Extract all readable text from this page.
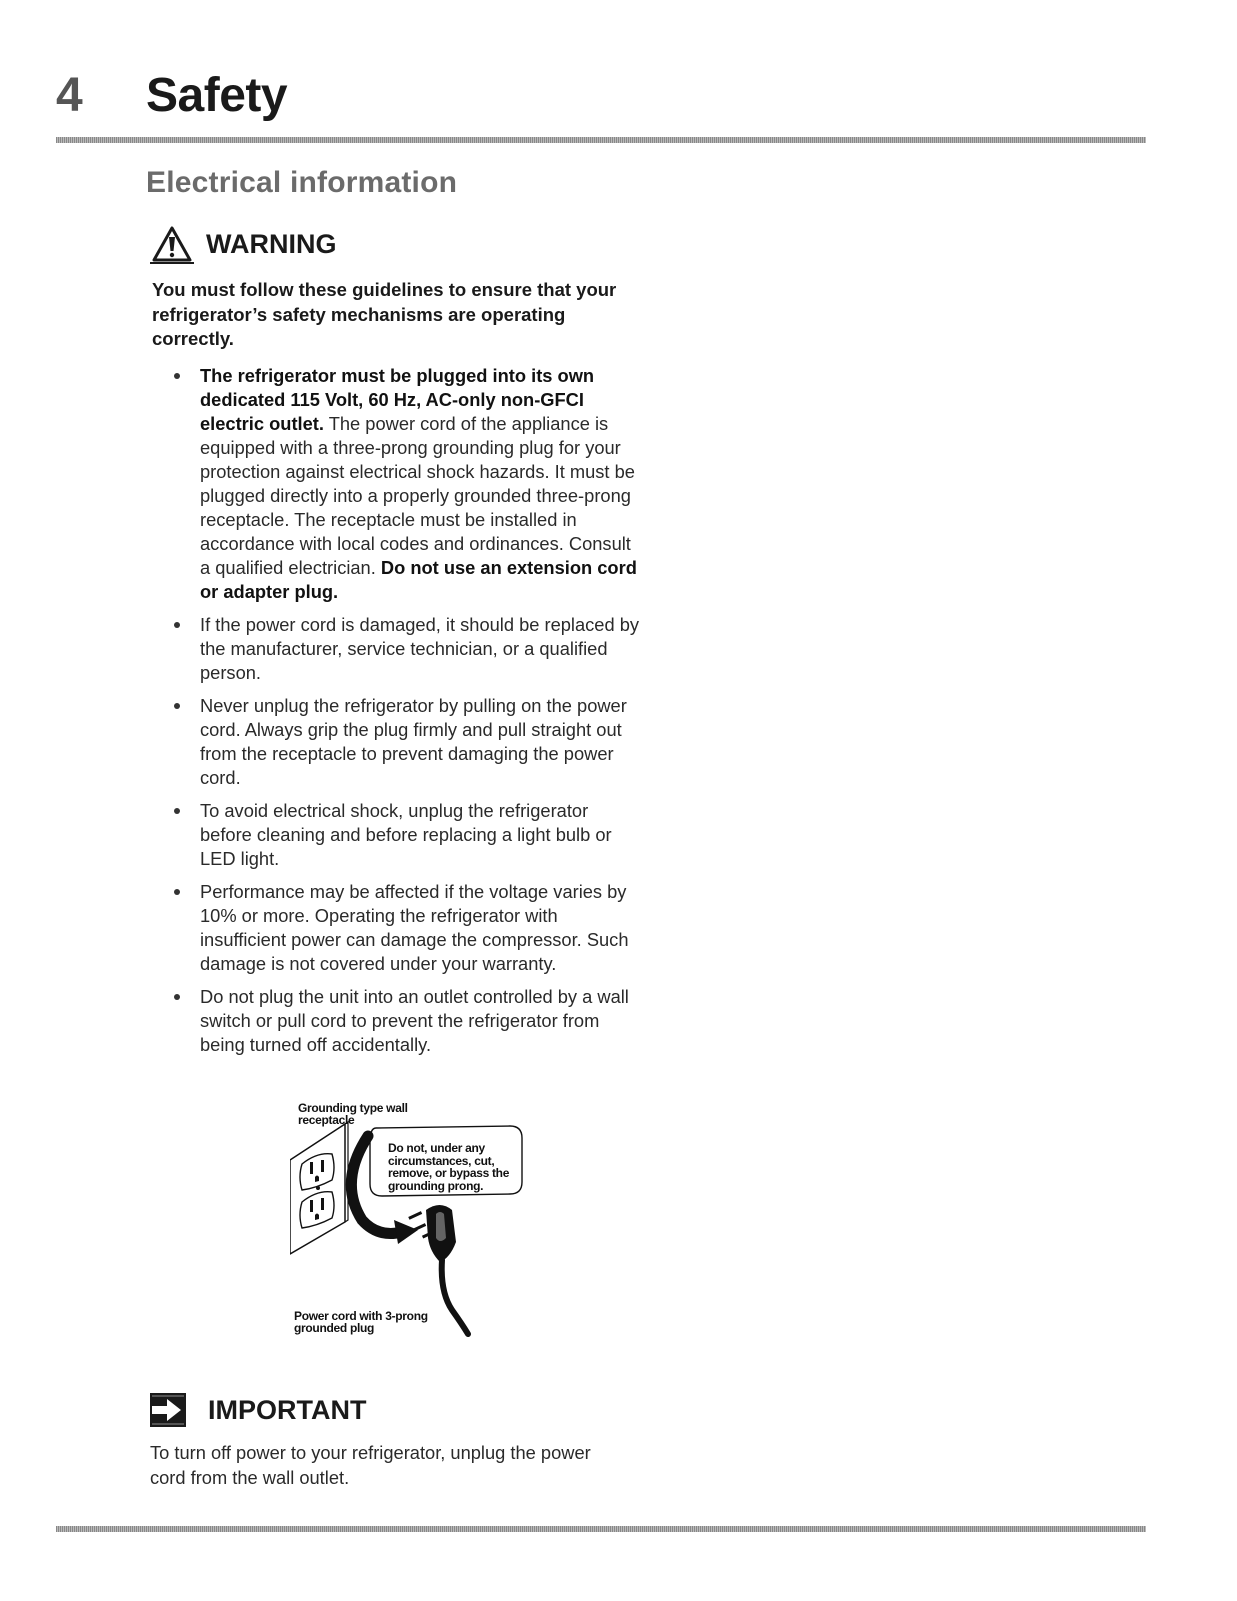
4 Safety
Electrical information
WARNING
You must follow these guidelines to ensure that your refrigerator’s safety mechanisms are operating correctly.
The refrigerator must be plugged into its own dedicated 115 Volt, 60 Hz, AC-only non-GFCI electric outlet. The power cord of the appliance is equipped with a three-prong grounding plug for your protection against electrical shock hazards. It must be plugged directly into a properly grounded three-prong receptacle. The receptacle must be installed in accordance with local codes and ordinances. Consult a qualified electrician. Do not use an extension cord or adapter plug.
If the power cord is damaged, it should be replaced by the manufacturer, service technician, or a qualified person.
Never unplug the refrigerator by pulling on the power cord. Always grip the plug firmly and pull straight out from the receptacle to prevent damaging the power cord.
To avoid electrical shock, unplug the refrigerator before cleaning and before replacing a light bulb or LED light.
Performance may be affected if the voltage varies by 10% or more. Operating the refrigerator with insufficient power can damage the compressor. Such damage is not covered under your warranty.
Do not plug the unit into an outlet controlled by a wall switch or pull cord to prevent the refrigerator from being turned off accidentally.
Grounding type wall receptacle
Do not, under any circumstances, cut, remove, or bypass the grounding prong.
Power cord with 3-prong grounded plug
IMPORTANT
To turn off power to your refrigerator, unplug the power cord from the wall outlet.
